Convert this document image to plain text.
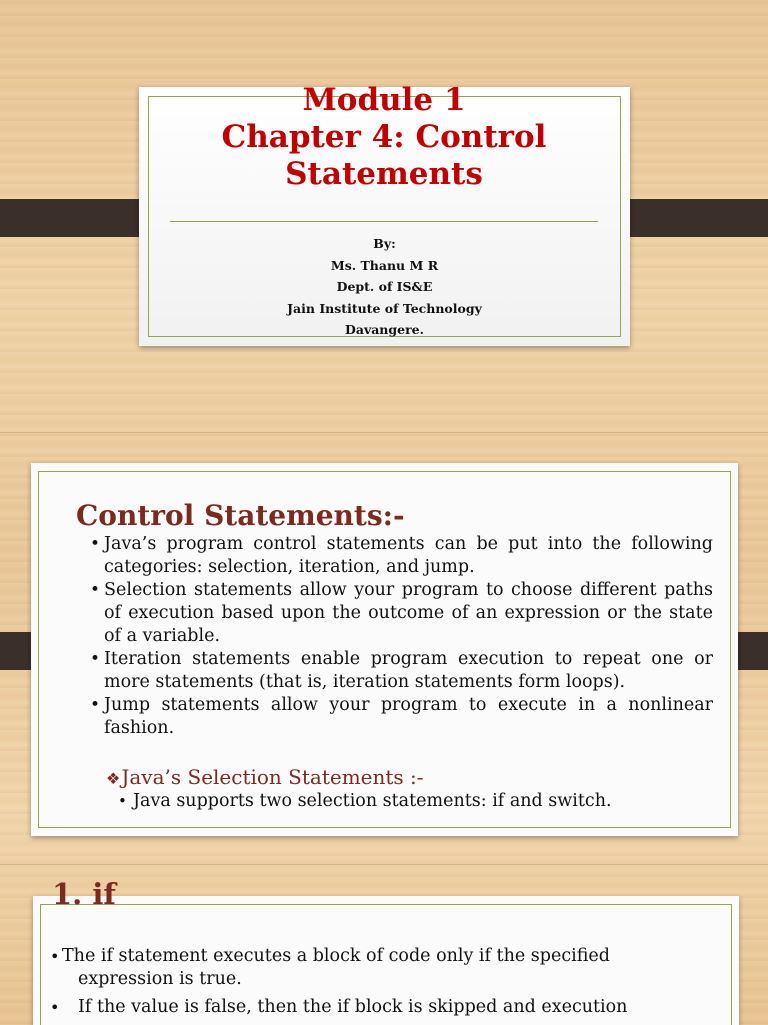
Module 1
Chapter 4: Control
Statements
By:
Ms. Thanu M R
Dept. of IS&E
Jain Institute of Technology
Davangere.
Control Statements:-
• Java’s program control statements can be put into the following categories: selection, iteration, and jump.
• Selection statements allow your program to choose different paths of execution based upon the outcome of an expression or the state of a variable.
• Iteration statements enable program execution to repeat one or more statements (that is, iteration statements form loops).
• Jump statements allow your program to execute in a nonlinear fashion.
❖Java’s Selection Statements :-
• Java supports two selection statements: if and switch.
1. if
• The if statement executes a block of code only if the specified
expression is true.
• If the value is false, then the if block is skipped and execution
